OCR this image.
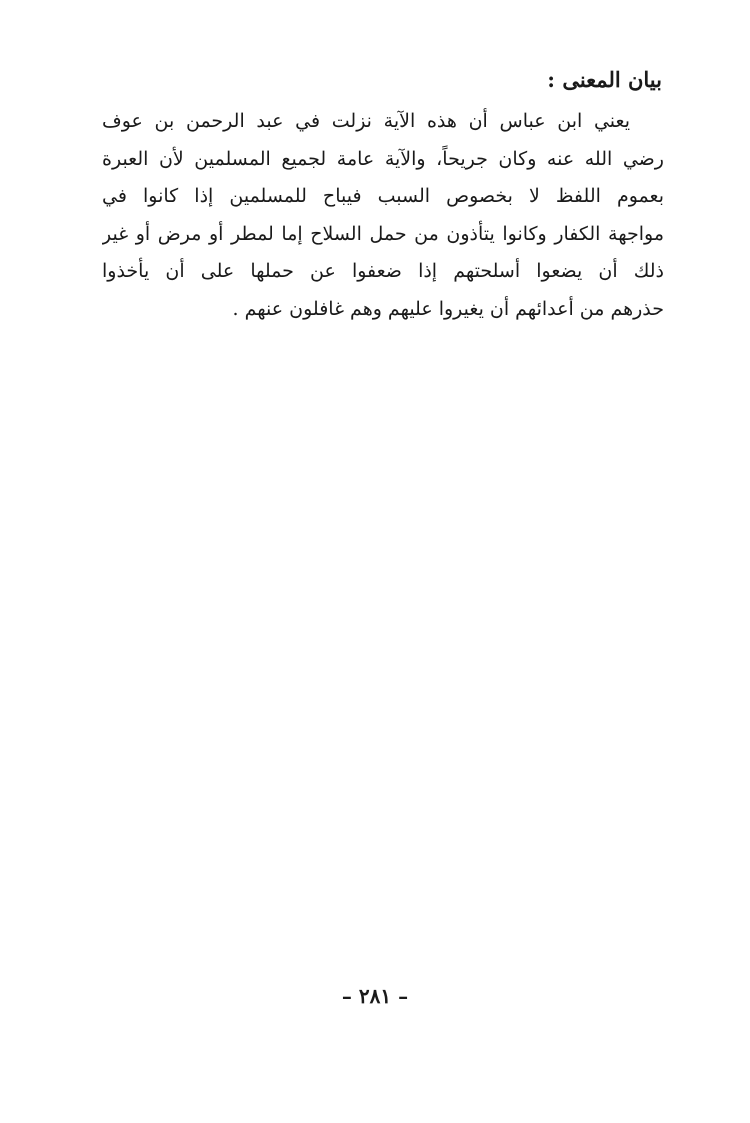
بيان المعنى :
يعني ابن عباس أن هذه الآية نزلت في عبد الرحمن بن عوف
رضي الله عنه وكان جريحاً، والآية عامة لجميع المسلمين لأن العبرة
بعموم اللفظ لا بخصوص السبب فيباح للمسلمين إذا كانوا في
مواجهة الكفار وكانوا يتأذون من حمل السلاح إما لمطر أو مرض أو غير
ذلك أن يضعوا أسلحتهم إذا ضعفوا عن حملها على أن يأخذوا
حذرهم من أعدائهم أن يغيروا عليهم وهم غافلون عنهم .
– ٢٨١ –
